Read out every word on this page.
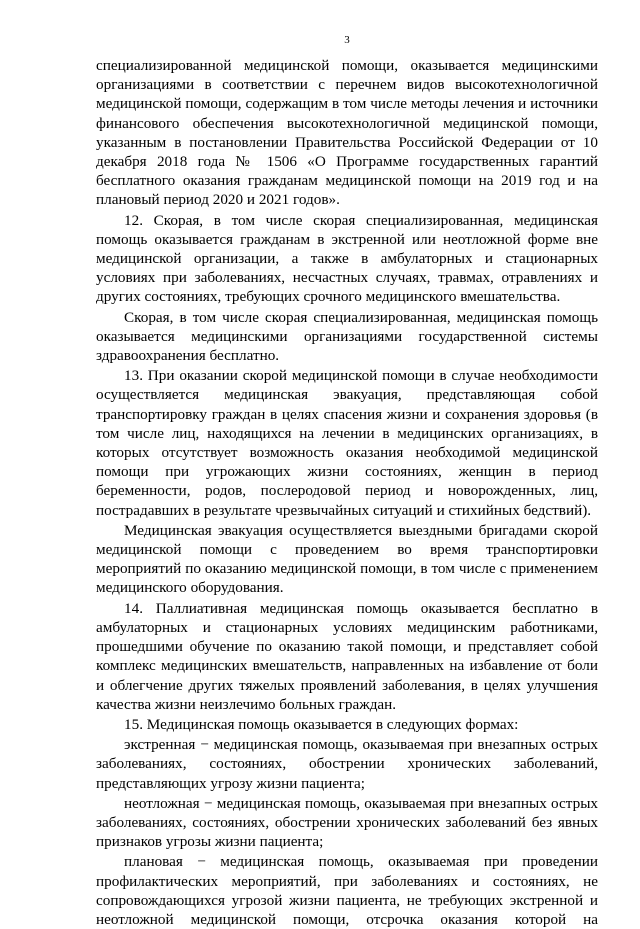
3

специализированной медицинской помощи, оказывается медицинскими организациями в соответствии с перечнем видов высокотехнологичной медицинской помощи, содержащим в том числе методы лечения и источники финансового обеспечения высокотехнологичной медицинской помощи, указанным в постановлении Правительства Российской Федерации от 10 декабря 2018 года № 1506 «О Программе государственных гарантий бесплатного оказания гражданам медицинской помощи на 2019 год и на плановый период 2020 и 2021 годов».

12. Скорая, в том числе скорая специализированная, медицинская помощь оказывается гражданам в экстренной или неотложной форме вне медицинской организации, а также в амбулаторных и стационарных условиях при заболеваниях, несчастных случаях, травмах, отравлениях и других состояниях, требующих срочного медицинского вмешательства.

Скорая, в том числе скорая специализированная, медицинская помощь оказывается медицинскими организациями государственной системы здравоохранения бесплатно.

13. При оказании скорой медицинской помощи в случае необходимости осуществляется медицинская эвакуация, представляющая собой транспортировку граждан в целях спасения жизни и сохранения здоровья (в том числе лиц, находящихся на лечении в медицинских организациях, в которых отсутствует возможность оказания необходимой медицинской помощи при угрожающих жизни состояниях, женщин в период беременности, родов, послеродовой период и новорожденных, лиц, пострадавших в результате чрезвычайных ситуаций и стихийных бедствий).

Медицинская эвакуация осуществляется выездными бригадами скорой медицинской помощи с проведением во время транспортировки мероприятий по оказанию медицинской помощи, в том числе с применением медицинского оборудования.

14. Паллиативная медицинская помощь оказывается бесплатно в амбулаторных и стационарных условиях медицинским работниками, прошедшими обучение по оказанию такой помощи, и представляет собой комплекс медицинских вмешательств, направленных на избавление от боли и облегчение других тяжелых проявлений заболевания, в целях улучшения качества жизни неизлечимо больных граждан.

15. Медицинская помощь оказывается в следующих формах:

экстренная − медицинская помощь, оказываемая при внезапных острых заболеваниях, состояниях, обострении хронических заболеваний, представляющих угрозу жизни пациента;

неотложная − медицинская помощь, оказываемая при внезапных острых заболеваниях, состояниях, обострении хронических заболеваний без явных признаков угрозы жизни пациента;

плановая − медицинская помощь, оказываемая при проведении профилактических мероприятий, при заболеваниях и состояниях, не сопровождающихся угрозой жизни пациента, не требующих экстренной и неотложной медицинской помощи, отсрочка оказания которой на
